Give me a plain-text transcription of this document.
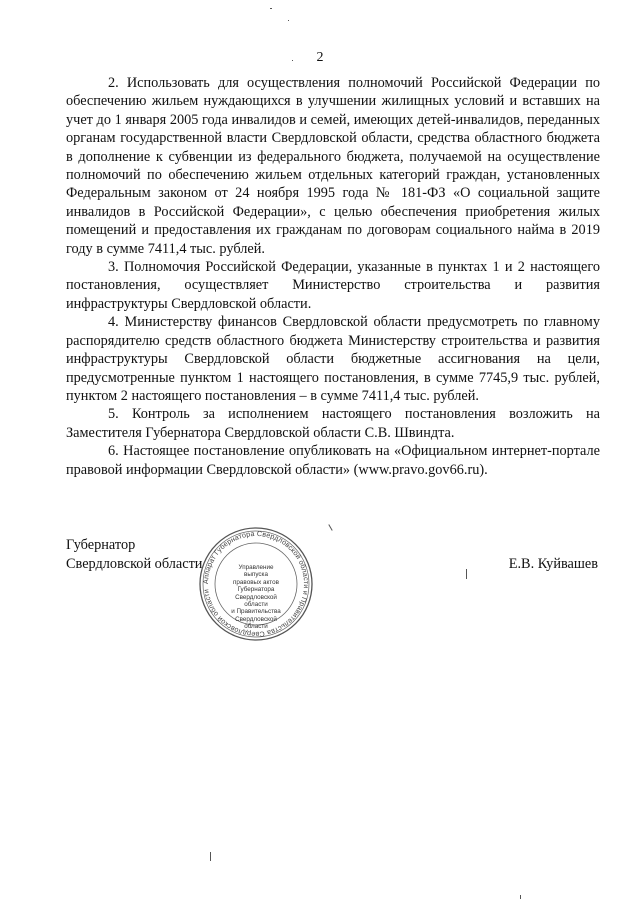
2

2. Использовать для осуществления полномочий Российской Федерации по обеспечению жильем нуждающихся в улучшении жилищных условий и вставших на учет до 1 января 2005 года инвалидов и семей, имеющих детей-инвалидов, переданных органам государственной власти Свердловской области, средства областного бюджета в дополнение к субвенции из федерального бюджета, получаемой на осуществление полномочий по обеспечению жильем отдельных категорий граждан, установленных Федеральным законом от 24 ноября 1995 года № 181-ФЗ «О социальной защите инвалидов в Российской Федерации», с целью обеспечения приобретения жилых помещений и предоставления их гражданам по договорам социального найма в 2019 году в сумме 7411,4 тыс. рублей.

3. Полномочия Российской Федерации, указанные в пунктах 1 и 2 настоящего постановления, осуществляет Министерство строительства и развития инфраструктуры Свердловской области.

4. Министерству финансов Свердловской области предусмотреть по главному распорядителю средств областного бюджета Министерству строительства и развития инфраструктуры Свердловской области бюджетные ассигнования на цели, предусмотренные пунктом 1 настоящего постановления, в сумме 7745,9 тыс. рублей, пунктом 2 настоящего постановления – в сумме 7411,4 тыс. рублей.

5. Контроль за исполнением настоящего постановления возложить на Заместителя Губернатора Свердловской области С.В. Швиндта.

6. Настоящее постановление опубликовать на «Официальном интернет-портале правовой информации Свердловской области» (www.pravo.gov66.ru).

Губернатор
Свердловской области	Е.В. Куйвашев
Аппарат Губернатора Свердловской области и Правительства Свердловской области
Управление
выпуска
правовых актов
Губернатора
Свердловской области
и Правительства
Свердловской
области
